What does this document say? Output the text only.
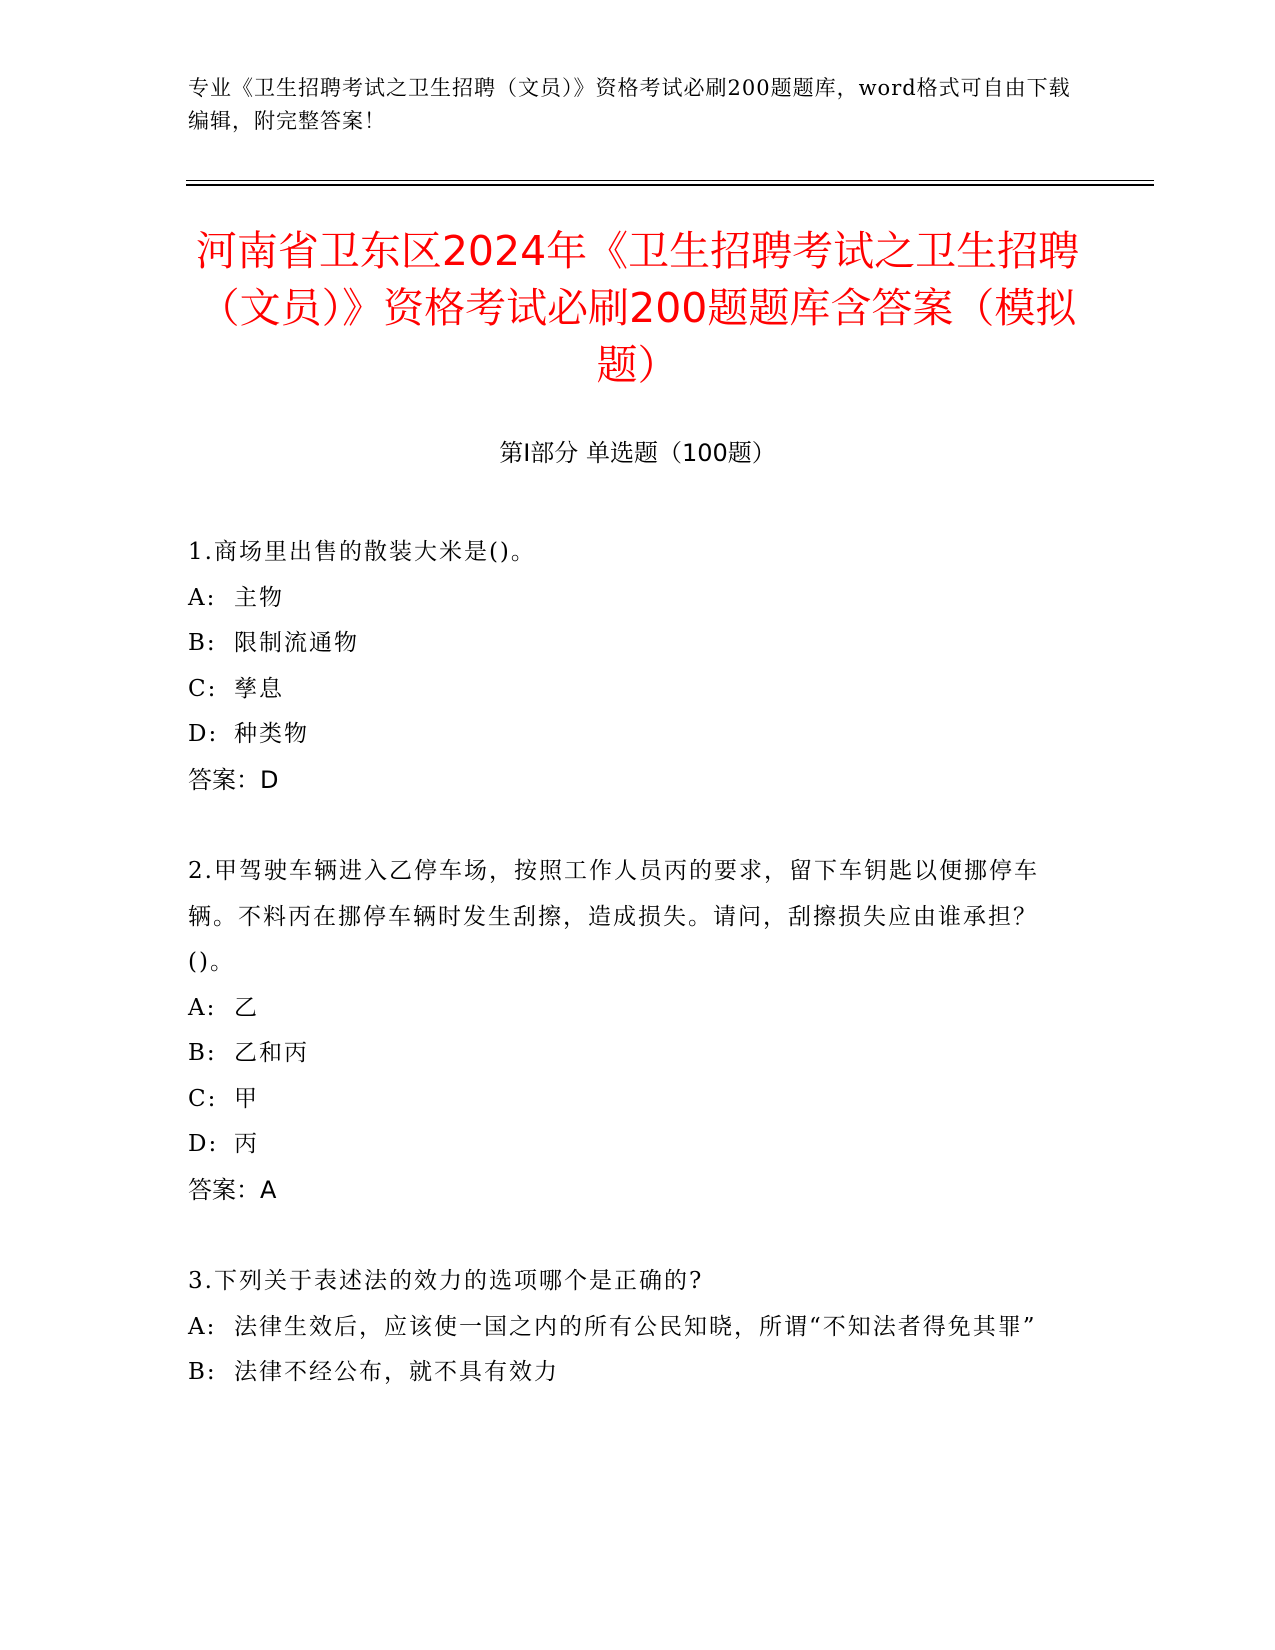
专业《卫生招聘考试之卫生招聘（文员）》资格考试必刷200题题库，word格式可自由下载编辑，附完整答案！
河南省卫东区2024年《卫生招聘考试之卫生招聘（文员）》资格考试必刷200题题库含答案（模拟题）
第Ⅰ部分 单选题（100题）
1.商场里出售的散装大米是()。
A: 主物
B: 限制流通物
C: 孳息
D: 种类物
答案：D
2.甲驾驶车辆进入乙停车场，按照工作人员丙的要求，留下车钥匙以便挪停车辆。不料丙在挪停车辆时发生刮擦，造成损失。请问，刮擦损失应由谁承担？()。
A: 乙
B: 乙和丙
C: 甲
D: 丙
答案：A
3.下列关于表述法的效力的选项哪个是正确的?
A: 法律生效后，应该使一国之内的所有公民知晓，所谓“不知法者得免其罪”
B: 法律不经公布，就不具有效力
